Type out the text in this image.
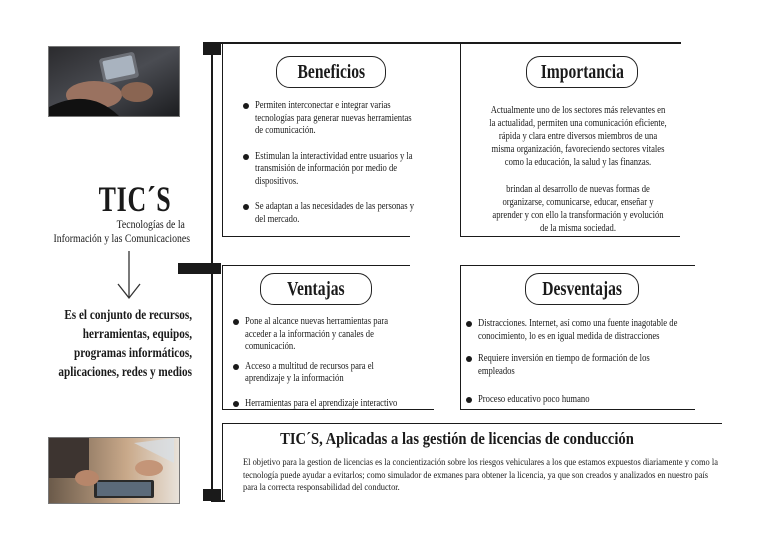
TIC´S
Tecnologías de la
Información y las Comunicaciones
Es el conjunto de recursos, herramientas, equipos, programas informáticos, aplicaciones, redes y medios
Beneficios
Permiten interconectar e integrar varias tecnologías para generar nuevas herramientas de comunicación.
Estimulan la interactividad entre usuarios y la transmisión de información por medio de dispositivos.
Se adaptan a las necesidades de las personas y del mercado.
Importancia
Actualmente uno de los sectores más relevantes en la actualidad, permiten una comunicación eficiente, rápida y clara entre diversos miembros de una misma organización, favoreciendo sectores vitales como la educación, la salud y las finanzas.
brindan al desarrollo de nuevas formas de organizarse, comunicarse, educar, enseñar y aprender y con ello la transformación y evolución de la misma sociedad.
Ventajas
Pone al alcance nuevas herramientas para acceder a la información y canales de comunicación.
Acceso a multitud de recursos para el aprendizaje y la información
Herramientas para el aprendizaje interactivo
Desventajas
Distracciones. Internet, así como una fuente inagotable de conocimiento, lo es en igual medida de distracciones
Requiere inversión en tiempo de formación de los empleados
Proceso educativo poco humano
TIC´S, Aplicadas a las gestión de licencias de conducción
El objetivo para la gestion de licencias es la concientización sobre los riesgos vehiculares a los que estamos expuestos diariamente y como la tecnología puede ayudar a evitarlos; como simulador de exmanes para obtener la licencia, ya que son creados y analizados en nuestro país para la correcta responsabilidad del conductor.
